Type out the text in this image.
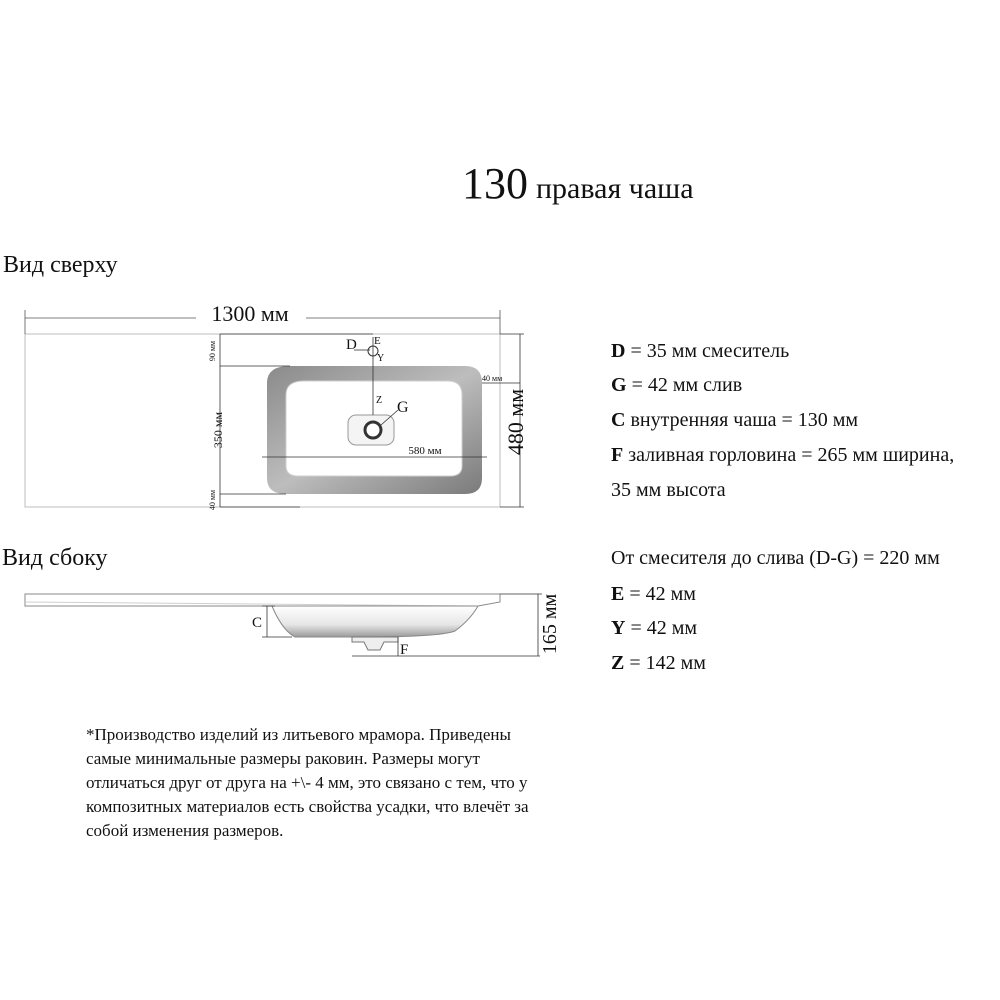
130 правая чаша
Вид сверху
Вид сбоку
1300 мм
D E
Y
Z G
580 мм
40 мм
480 мм
90 мм
350 мм
40 мм
C
F	165 мм
D = 35 мм смеситель
G = 42 мм слив
C внутренняя чаша = 130 мм
F заливная горловина = 265 мм ширина,
35 мм высота
От смесителя до слива (D-G) = 220 мм
E = 42 мм
Y = 42 мм
Z = 142 мм
*Производство изделий из литьевого мрамора. Приведены самые минимальные размеры раковин. Размеры могут отличаться друг от друга на +\- 4 мм, это связано с тем, что у композитных материалов есть свойства усадки, что влечёт за собой изменения размеров.
